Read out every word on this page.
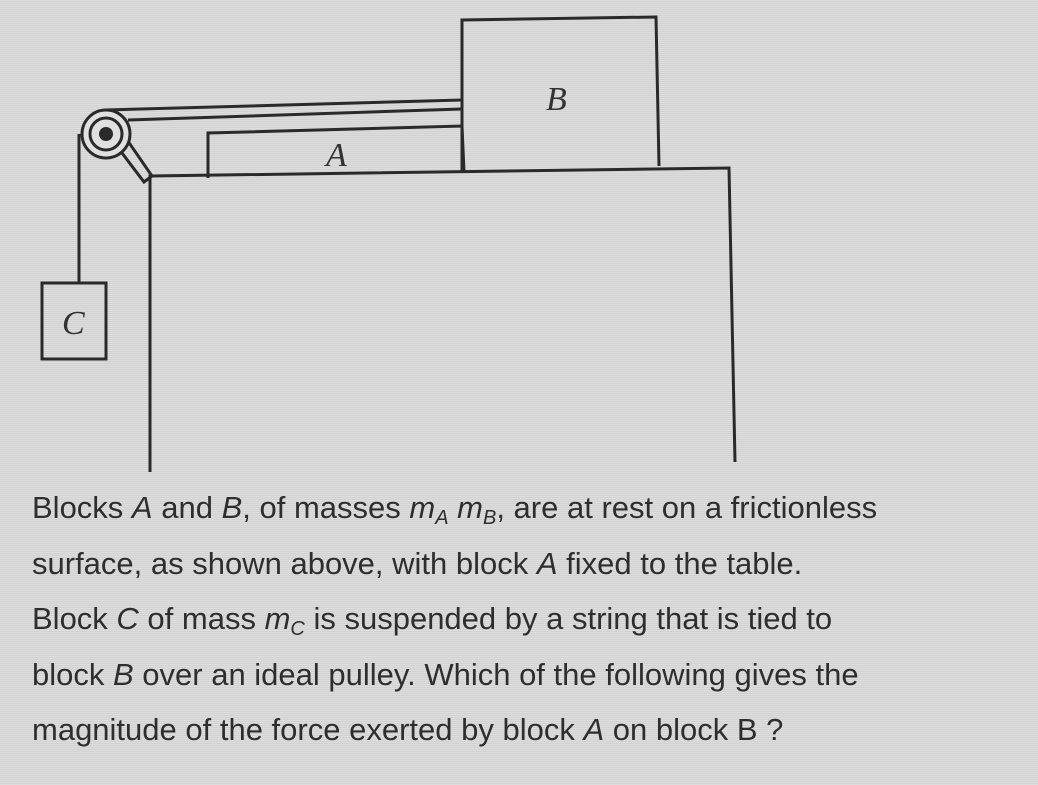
A
B
C

Blocks A and B, of masses $m_A$ $m_B$, are at rest on a frictionless
surface, as shown above, with block A fixed to the table.
Block C of mass $m_C$ is suspended by a string that is tied to
block B over an ideal pulley. Which of the following gives the
magnitude of the force exerted by block A on block B ?
